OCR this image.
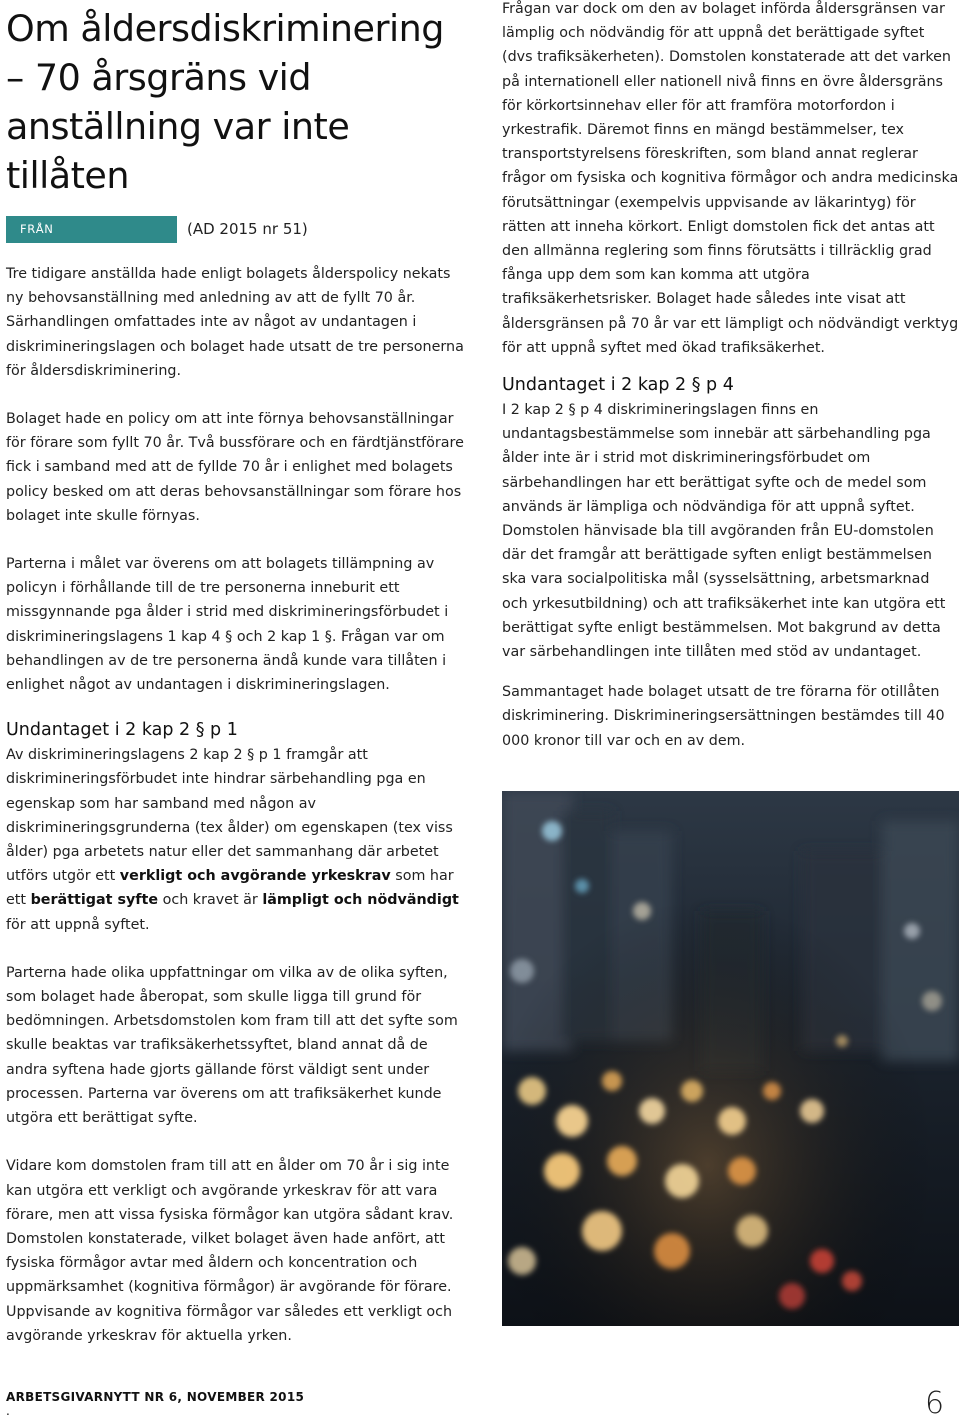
Om åldersdiskriminering
– 70 årsgräns vid
anställning var inte tillåten
FRÅN ARBETSDOMSTOLEN
(AD 2015 nr 51)

Tre tidigare anställda hade enligt bolagets ålderspolicy nekats ny behovsanställning med anledning av att de fyllt 70 år. Särhandlingen omfattades inte av något av undantagen i diskrimineringslagen och bolaget hade utsatt de tre personerna för åldersdiskriminering.

Bolaget hade en policy om att inte förnya behovsanställningar för förare som fyllt 70 år. Två bussförare och en färdtjänstförare fick i samband med att de fyllde 70 år i enlighet med bolagets policy besked om att deras behovsanställningar som förare hos bolaget inte skulle förnyas.

Parterna i målet var överens om att bolagets tillämpning av policyn i förhållande till de tre personerna inneburit ett missgynnande pga ålder i strid med diskrimineringsförbudet i diskrimineringslagens 1 kap 4 § och 2 kap 1 §. Frågan var om behandlingen av de tre personerna ändå kunde vara tillåten i enlighet något av undantagen i diskrimineringslagen.

Undantaget i 2 kap 2 § p 1

Av diskrimineringslagens 2 kap 2 § p 1 framgår att diskrimineringsförbudet inte hindrar särbehandling pga en egenskap som har samband med någon av diskrimineringsgrunderna (tex ålder) om egenskapen (tex viss ålder) pga arbetets natur eller det sammanhang där arbetet utförs utgör ett verkligt och avgörande yrkeskrav som har ett berättigat syfte och kravet är lämpligt och nödvändigt för att uppnå syftet.

Parterna hade olika uppfattningar om vilka av de olika syften, som bolaget hade åberopat, som skulle ligga till grund för bedömningen. Arbetsdomstolen kom fram till att det syfte som skulle beaktas var trafiksäkerhetssyftet, bland annat då de andra syftena hade gjorts gällande först väldigt sent under processen. Parterna var överens om att trafiksäkerhet kunde utgöra ett berättigat syfte.

Vidare kom domstolen fram till att en ålder om 70 år i sig inte kan utgöra ett verkligt och avgörande yrkeskrav för att vara förare, men att vissa fysiska förmågor kan utgöra sådant krav. Domstolen konstaterade, vilket bolaget även hade anfört, att fysiska förmågor avtar med åldern och koncentration och uppmärksamhet (kognitiva förmågor) är avgörande för förare. Uppvisande av kognitiva förmågor var således ett verkligt och avgörande yrkeskrav för aktuella yrken.

Frågan var dock om den av bolaget införda åldersgränsen var lämplig och nödvändig för att uppnå det berättigade syftet (dvs trafiksäkerheten). Domstolen konstaterade att det varken på internationell eller nationell nivå finns en övre åldersgräns för körkortsinnehav eller för att framföra motorfordon i yrkestrafik. Däremot finns en mängd bestämmelser, tex transportstyrelsens föreskriften, som bland annat reglerar frågor om fysiska och kognitiva förmågor och andra medicinska förutsättningar (exempelvis uppvisande av läkarintyg) för rätten att inneha körkort. Enligt domstolen fick det antas att den allmänna reglering som finns förutsätts i tillräcklig grad fånga upp dem som kan komma att utgöra trafiksäkerhetsrisker. Bolaget hade således inte visat att åldersgränsen på 70 år var ett lämpligt och nödvändigt verktyg för att uppnå syftet med ökad trafiksäkerhet.

Undantaget i 2 kap 2 § p 4

I 2 kap 2 § p 4 diskrimineringslagen finns en undantagsbestämmelse som innebär att särbehandling pga ålder inte är i strid mot diskrimineringsförbudet om särbehandlingen har ett berättigat syfte och de medel som används är lämpliga och nödvändiga för att uppnå syftet. Domstolen hänvisade bla till avgöranden från EU-domstolen där det framgår att berättigade syften enligt bestämmelsen ska vara socialpolitiska mål (sysselsättning, arbetsmarknad och yrkesutbildning) och att trafiksäkerhet inte kan utgöra ett berättigat syfte enligt bestämmelsen. Mot bakgrund av detta var särbehandlingen inte tillåten med stöd av undantaget.

Sammantaget hade bolaget utsatt de tre förarna för otillåten diskriminering. Diskrimineringsersättningen bestämdes till 40 000 kronor till var och en av dem.

ARBETSGIVARNYTT NR 6, NOVEMBER 2015
.	6
